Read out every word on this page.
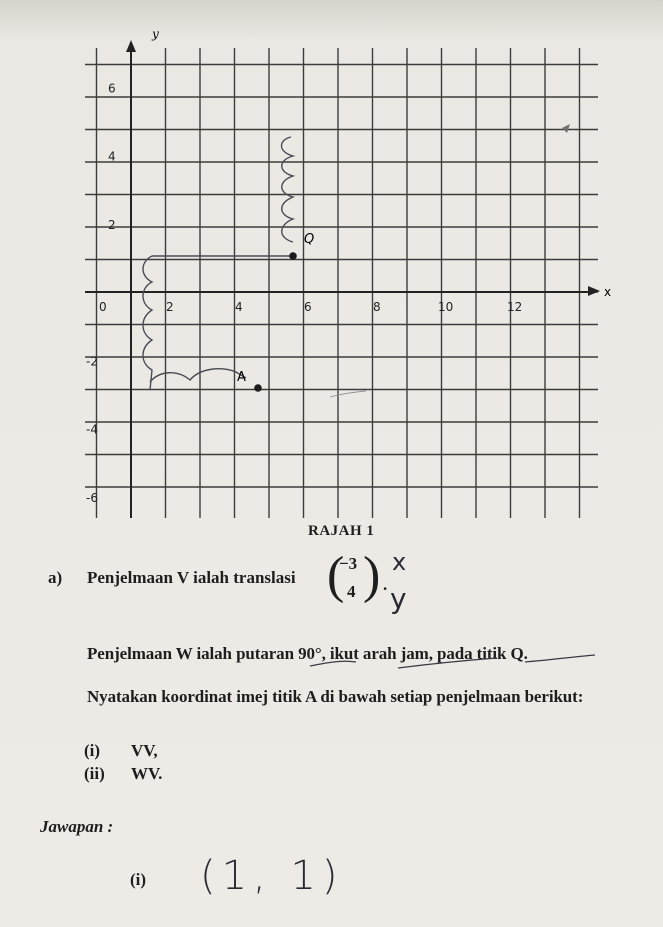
y
x
0	2	4	6	8	10	12
6
4
2
-2
-4
-6
Q
A
RAJAH 1
a) Penjelmaan V ialah translasi (
−3
4 ) .
x
y
Penjelmaan W ialah putaran 90°, ikut arah jam, pada titik Q.
Nyatakan koordinat imej titik A di bawah setiap penjelmaan berikut:
(i) VV,
(ii) WV.
Jawapan :
(i) (1, 1)
